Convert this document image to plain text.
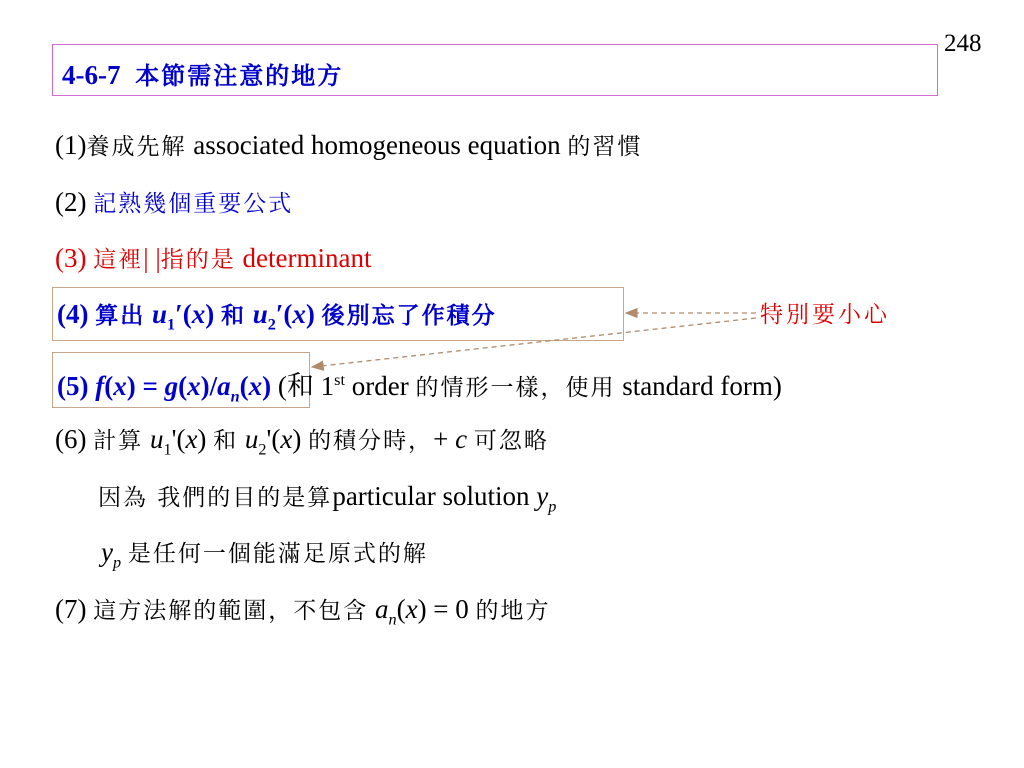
248
4-6-7 本節需注意的地方
(1)養成先解 associated homogeneous equation 的習慣
(2) 記熟幾個重要公式
(3) 這裡| |指的是 determinant
(4) 算出 $u_1'(x)$ 和 $u_2'(x)$ 後別忘了作積分
(5) $f(x) = g(x)/a_n(x)$ (和 1st order 的情形一樣，使用 standard form)
(6) 計算 $u_1'(x)$ 和 $u_2'(x)$ 的積分時，+ c 可忽略
因為 我們的目的是算particular solution $y_p$
$y_p$ 是任何一個能滿足原式的解
(7) 這方法解的範圍，不包含 $a_n(x) = 0$ 的地方
特別要小心
